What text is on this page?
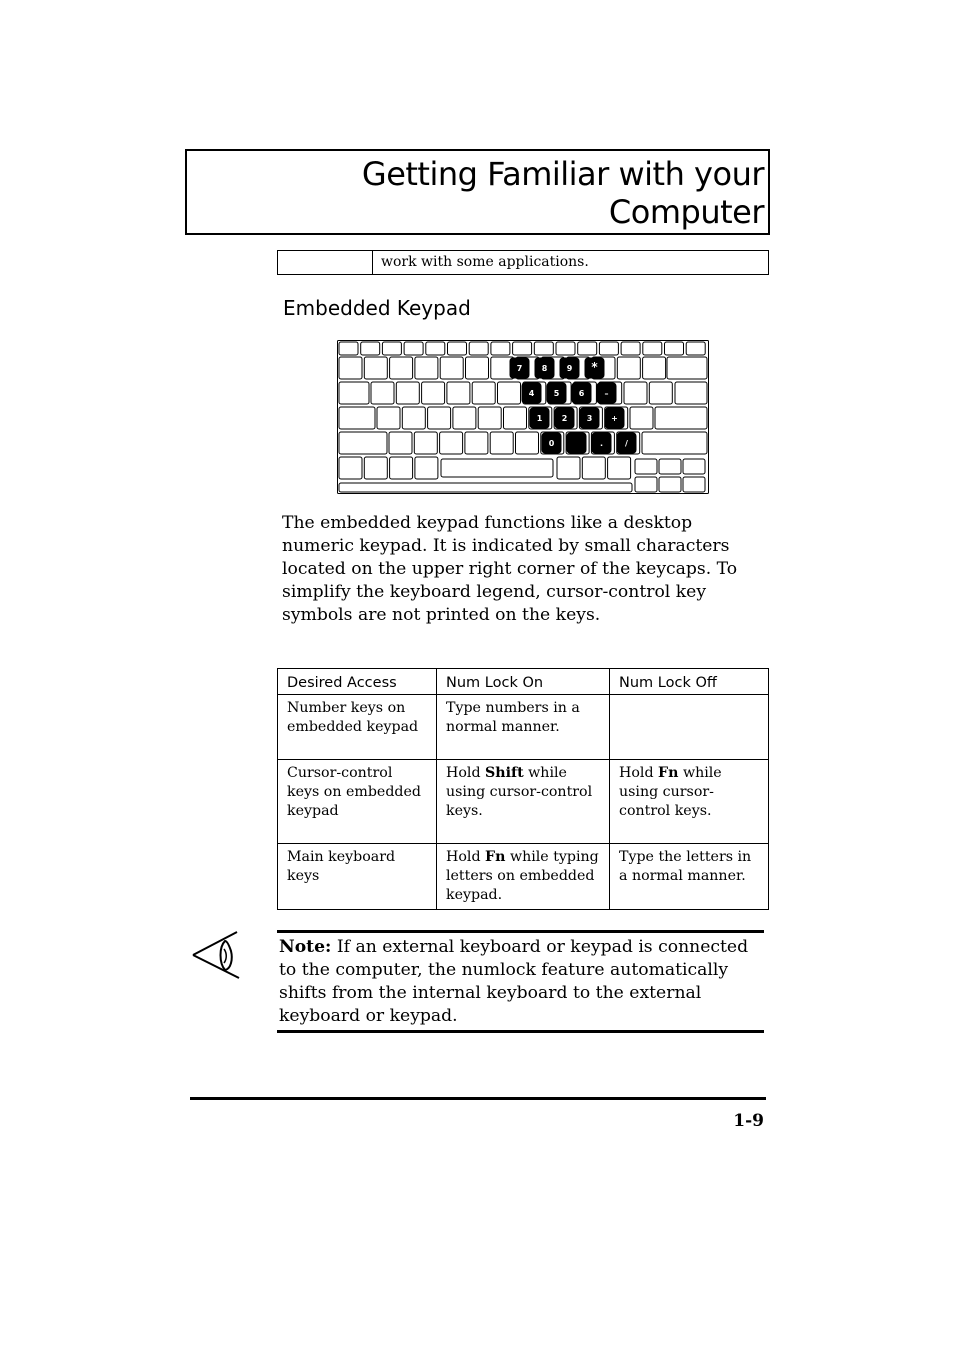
Getting Familiar with your
Computer
work with some applications.
Embedded Keypad
7 8 9 *
4 5 6	–
1 2 3 +
0	.	/

The embedded keypad functions like a desktop numeric keypad. It is indicated by small characters located on the upper right corner of the keycaps. To simplify the keyboard legend, cursor-control key symbols are not printed on the keys.

Desired Access	Num Lock On	Num Lock Off
Number keys on embedded keypad	Type numbers in a normal manner.	
Cursor-control keys on embedded keypad	Hold Shift while using cursor-control keys.	Hold Fn while using cursor-control keys.
Main keyboard keys	Hold Fn while typing letters on embedded keypad.	Type the letters in a normal manner.

Note: If an external keyboard or keypad is connected to the computer, the numlock feature automatically shifts from the internal keyboard to the external keyboard or keypad.

1-9
